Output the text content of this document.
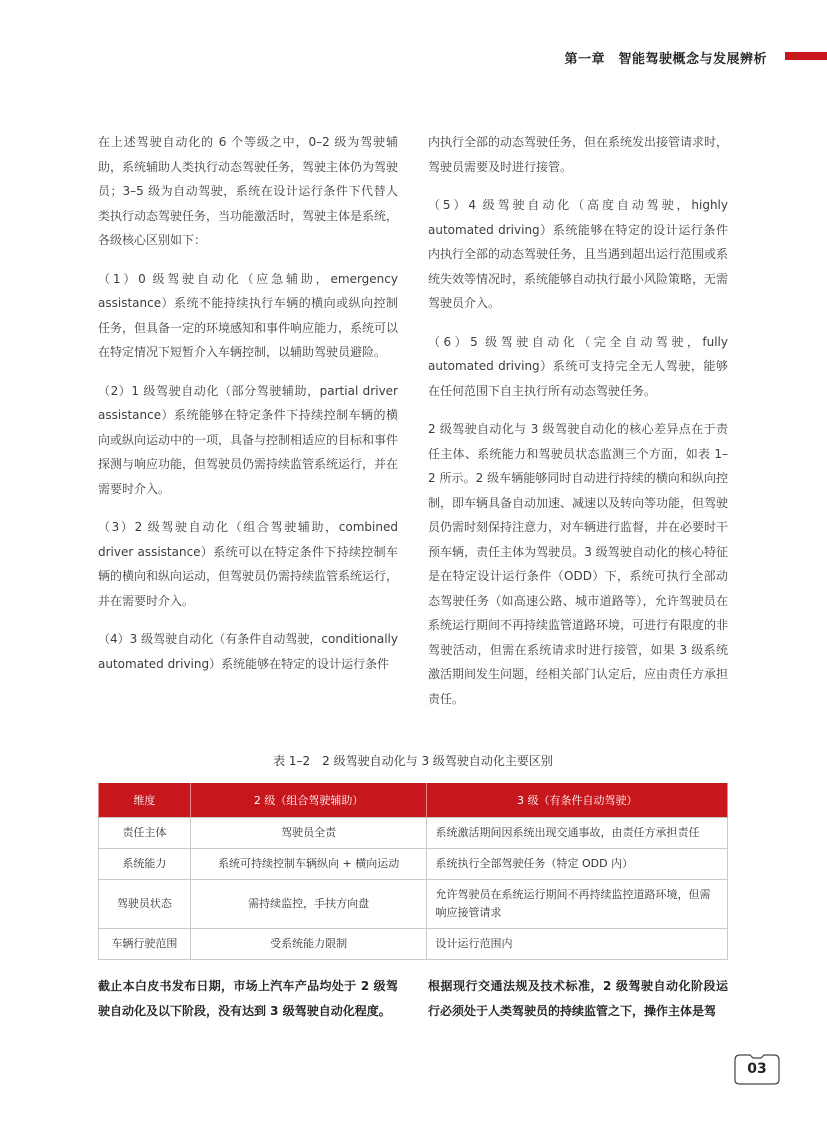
第一章　智能驾驶概念与发展辨析

在上述驾驶自动化的 6 个等级之中，0–2 级为驾驶辅助，系统辅助人类执行动态驾驶任务，驾驶主体仍为驾驶员；3–5 级为自动驾驶，系统在设计运行条件下代替人类执行动态驾驶任务，当功能激活时，驾驶主体是系统，各级核心区别如下：

（1）0 级驾驶自动化（应急辅助，emergency assistance）系统不能持续执行车辆的横向或纵向控制任务，但具备一定的环境感知和事件响应能力，系统可以在特定情况下短暂介入车辆控制，以辅助驾驶员避险。

（2）1 级驾驶自动化（部分驾驶辅助，partial driver assistance）系统能够在特定条件下持续控制车辆的横向或纵向运动中的一项，具备与控制相适应的目标和事件探测与响应功能，但驾驶员仍需持续监管系统运行，并在需要时介入。

（3）2 级驾驶自动化（组合驾驶辅助，combined driver assistance）系统可以在特定条件下持续控制车辆的横向和纵向运动，但驾驶员仍需持续监管系统运行，并在需要时介入。

（4）3 级驾驶自动化（有条件自动驾驶，conditionally automated driving）系统能够在特定的设计运行条件

内执行全部的动态驾驶任务，但在系统发出接管请求时，驾驶员需要及时进行接管。

（5）4 级驾驶自动化（高度自动驾驶，highly automated driving）系统能够在特定的设计运行条件内执行全部的动态驾驶任务，且当遇到超出运行范围或系统失效等情况时，系统能够自动执行最小风险策略，无需驾驶员介入。

（6）5 级驾驶自动化（完全自动驾驶，fully automated driving）系统可支持完全无人驾驶，能够在任何范围下自主执行所有动态驾驶任务。

2 级驾驶自动化与 3 级驾驶自动化的核心差异点在于责任主体、系统能力和驾驶员状态监测三个方面，如表 1–2 所示。2 级车辆能够同时自动进行持续的横向和纵向控制，即车辆具备自动加速、减速以及转向等功能，但驾驶员仍需时刻保持注意力，对车辆进行监督，并在必要时干预车辆，责任主体为驾驶员。3 级驾驶自动化的核心特征是在特定设计运行条件（ODD）下，系统可执行全部动态驾驶任务（如高速公路、城市道路等），允许驾驶员在系统运行期间不再持续监管道路环境，可进行有限度的非驾驶活动，但需在系统请求时进行接管，如果 3 级系统激活期间发生问题，经相关部门认定后，应由责任方承担责任。

表 1–2　2 级驾驶自动化与 3 级驾驶自动化主要区别
维度	2 级（组合驾驶辅助）	3 级（有条件自动驾驶）
责任主体	驾驶员全责	系统激活期间因系统出现交通事故，由责任方承担责任
系统能力	系统可持续控制车辆纵向 + 横向运动	系统执行全部驾驶任务（特定 ODD 内）
驾驶员状态	需持续监控，手扶方向盘	允许驾驶员在系统运行期间不再持续监控道路环境，但需响应接管请求
车辆行驶范围	受系统能力限制	设计运行范围内

截止本白皮书发布日期，市场上汽车产品均处于 2 级驾驶自动化及以下阶段，没有达到 3 级驾驶自动化程度。

根据现行交通法规及技术标准，2 级驾驶自动化阶段运行必须处于人类驾驶员的持续监管之下，操作主体是驾

03
